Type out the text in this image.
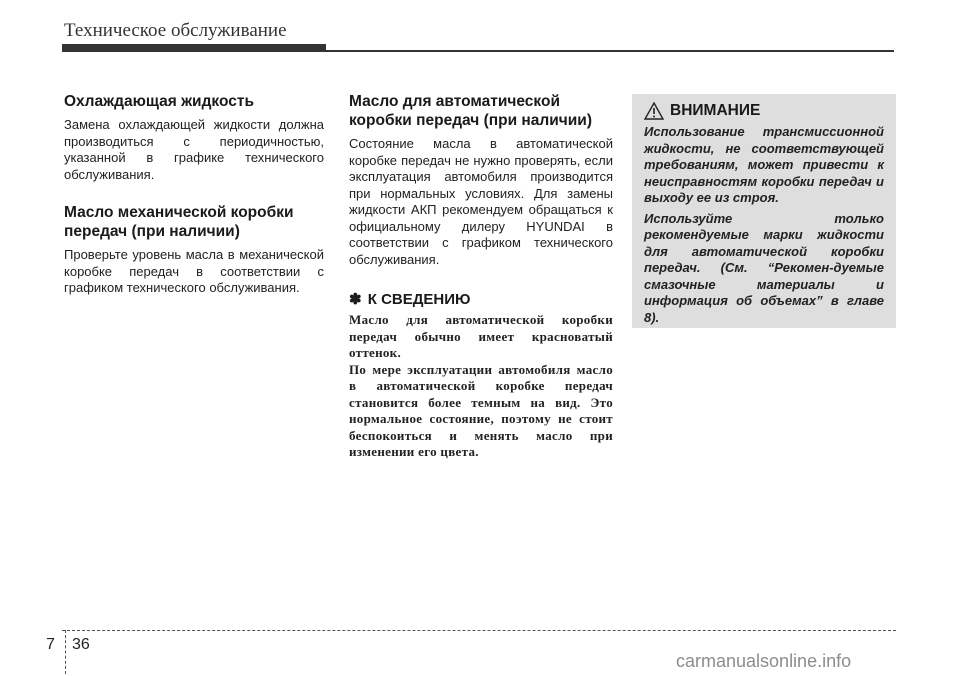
Техническое обслуживание
Охлаждающая жидкость

Замена охлаждающей жидкости должна производиться с периодичностью, указанной в графике технического обслуживания.

Масло механической коробки передач (при наличии)

Проверьте уровень масла в механической коробке передач в соответствии с графиком технического обслуживания.

Масло для автоматической коробки передач (при наличии)

Состояние масла в автоматической коробке передач не нужно проверять, если эксплуатация автомобиля производится при нормальных условиях. Для замены жидкости АКП рекомендуем обращаться к официальному дилеру HYUNDAI в соответствии с графиком технического обслуживания.

✽ К СВЕДЕНИЮ

Масло для автоматической коробки передач обычно имеет красноватый оттенок.

По мере эксплуатации автомобиля масло в автоматической коробке передач становится более темным на вид. Это нормальное состояние, поэтому не стоит беспокоиться и менять масло при изменении его цвета.

ВНИМАНИЕ

Использование трансмиссионной жидкости, не соответствующей требованиям, может привести к неисправностям коробки передач и выходу ее из строя.

Используйте только рекомендуемые марки жидкости для автоматической коробки передач. (См. “Рекомен-дуемые смазочные материалы и информация об объемах” в главе 8).

7 36
carmanualsonline.info
